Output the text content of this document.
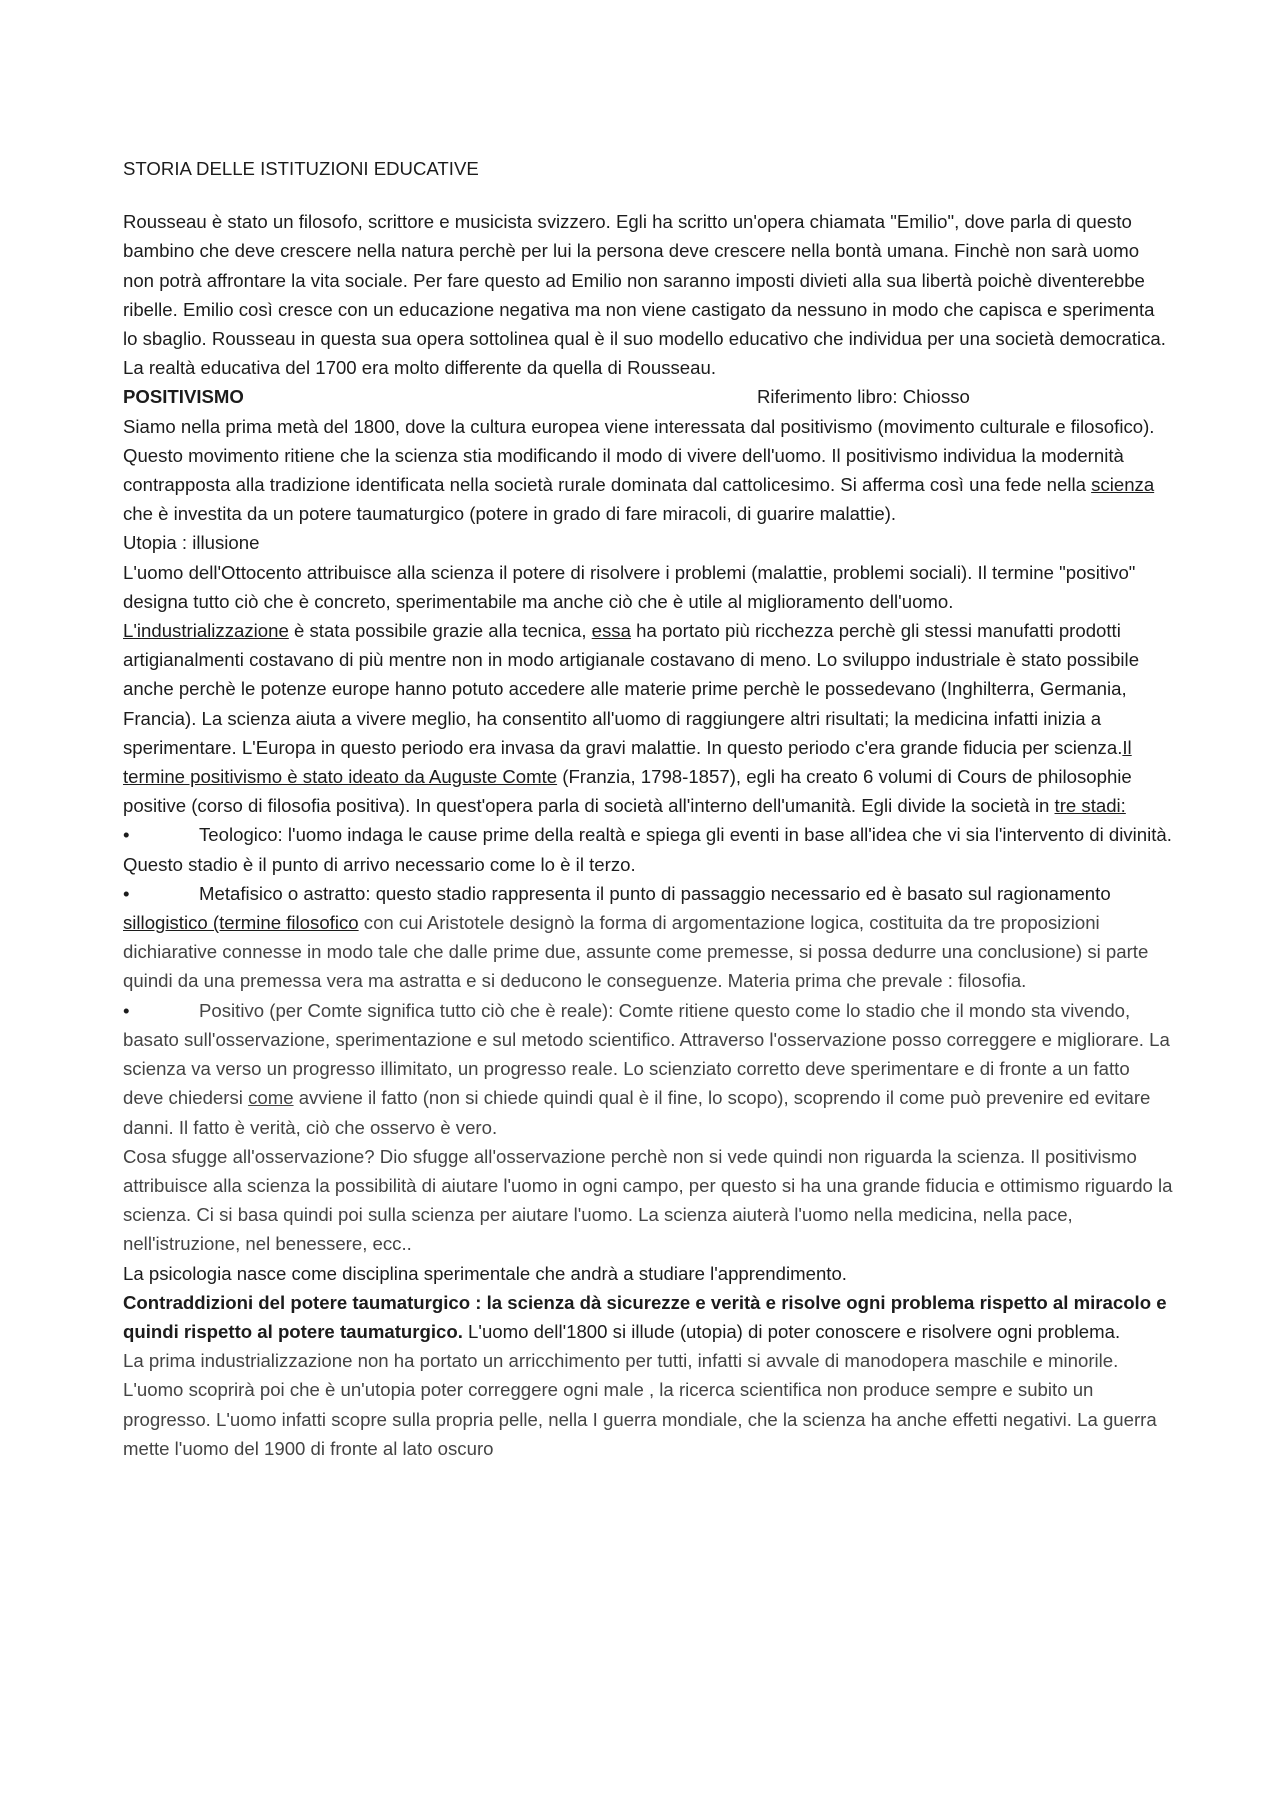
STORIA DELLE ISTITUZIONI EDUCATIVE

Rousseau è stato un filosofo, scrittore e musicista svizzero. Egli ha scritto un'opera chiamata "Emilio", dove parla di questo bambino che deve crescere nella natura perchè per lui la persona deve crescere nella bontà umana. Finchè non sarà uomo non potrà affrontare la vita sociale. Per fare questo ad Emilio non saranno imposti divieti alla sua libertà poichè diventerebbe ribelle. Emilio così cresce con un educazione negativa ma non viene castigato da nessuno in modo che capisca e sperimenta lo sbaglio. Rousseau in questa sua opera sottolinea qual è il suo modello educativo che individua per una società democratica. La realtà educativa del 1700 era molto differente da quella di Rousseau.

POSITIVISMO	Riferimento libro: Chiosso

Siamo nella prima metà del 1800, dove la cultura europea viene interessata dal positivismo (movimento culturale e filosofico). Questo movimento ritiene che la scienza stia modificando il modo di vivere dell'uomo. Il positivismo individua la modernità contrapposta alla tradizione identificata nella società rurale dominata dal cattolicesimo. Si afferma così una fede nella scienza che è investita da un potere taumaturgico (potere in grado di fare miracoli, di guarire malattie).

Utopia : illusione

L'uomo dell'Ottocento attribuisce alla scienza il potere di risolvere i problemi (malattie, problemi sociali). Il termine "positivo" designa tutto ciò che è concreto, sperimentabile ma anche ciò che è utile al miglioramento dell'uomo.

L'industrializzazione è stata possibile grazie alla tecnica, essa ha portato più ricchezza perchè gli stessi manufatti prodotti artigianalmenti costavano di più mentre non in modo artigianale costavano di meno. Lo sviluppo industriale è stato possibile anche perchè le potenze europe hanno potuto accedere alle materie prime perchè le possedevano (Inghilterra, Germania, Francia). La scienza aiuta a vivere meglio, ha consentito all'uomo di raggiungere altri risultati; la medicina infatti inizia a sperimentare. L'Europa in questo periodo era invasa da gravi malattie. In questo periodo c'era grande fiducia per scienza.Il termine positivismo è stato ideato da Auguste Comte (Franzia, 1798-1857), egli ha creato 6 volumi di Cours de philosophie positive (corso di filosofia positiva). In quest'opera parla di società all'interno dell'umanità. Egli divide la società in tre stadi:

•	Teologico: l'uomo indaga le cause prime della realtà e spiega gli eventi in base all'idea che vi sia l'intervento di divinità. Questo stadio è il punto di arrivo necessario come lo è il terzo.
•	Metafisico o astratto: questo stadio rappresenta il punto di passaggio necessario ed è basato sul ragionamento sillogistico (termine filosofico con cui Aristotele designò la forma di argomentazione logica, costituita da tre proposizioni dichiarative connesse in modo tale che dalle prime due, assunte come premesse, si possa dedurre una conclusione) si parte quindi da una premessa vera ma astratta e si deducono le conseguenze. Materia prima che prevale : filosofia.
•	Positivo (per Comte significa tutto ciò che è reale): Comte ritiene questo come lo stadio che il mondo sta vivendo, basato sull'osservazione, sperimentazione e sul metodo scientifico. Attraverso l'osservazione posso correggere e migliorare. La scienza va verso un progresso illimitato, un progresso reale. Lo scienziato corretto deve sperimentare e di fronte a un fatto deve chiedersi come avviene il fatto (non si chiede quindi qual è il fine, lo scopo), scoprendo il come può prevenire ed evitare danni. Il fatto è verità, ciò che osservo è vero.

Cosa sfugge all'osservazione? Dio sfugge all'osservazione perchè non si vede quindi non riguarda la scienza. Il positivismo attribuisce alla scienza la possibilità di aiutare l'uomo in ogni campo, per questo si ha una grande fiducia e ottimismo riguardo la scienza. Ci si basa quindi poi sulla scienza per aiutare l'uomo. La scienza aiuterà l'uomo nella medicina, nella pace, nell'istruzione, nel benessere, ecc..

La psicologia nasce come disciplina sperimentale che andrà a studiare l'apprendimento.

Contraddizioni del potere taumaturgico : la scienza dà sicurezze e verità e risolve ogni problema rispetto al miracolo e quindi rispetto al potere taumaturgico. L'uomo dell'1800 si illude (utopia) di poter conoscere e risolvere ogni problema.

La prima industrializzazione non ha portato un arricchimento per tutti, infatti si avvale di manodopera maschile e minorile. L'uomo scoprirà poi che è un'utopia poter correggere ogni male , la ricerca scientifica non produce sempre e subito un progresso. L'uomo infatti scopre sulla propria pelle, nella I guerra mondiale, che la scienza ha anche effetti negativi. La guerra mette l'uomo del 1900 di fronte al lato oscuro
